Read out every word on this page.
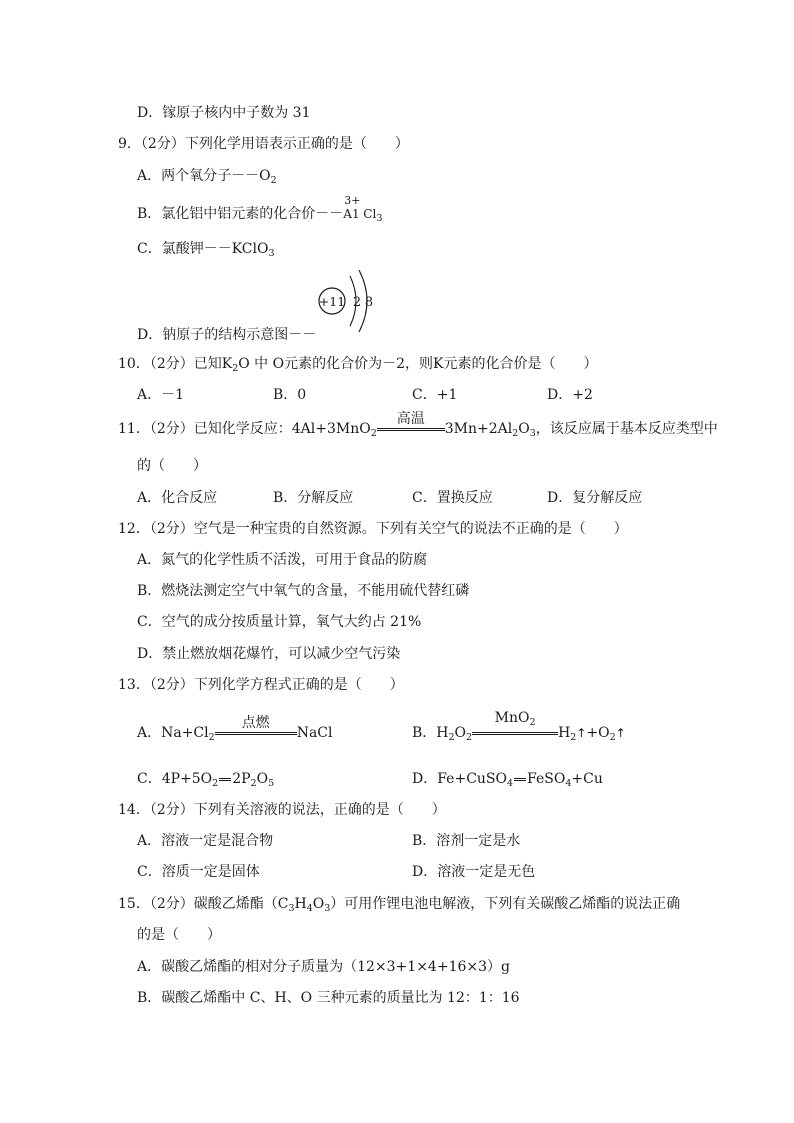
D．镓原子核内中子数为 31
9．（2分）下列化学用语表示正确的是（　　）
A．两个氧分子$--O_2$
B．氯化铝中铝元素的化合价－－
3+
A1 $Cl_3$
C．氯酸钾－－KClO$_3$
D．钠原子的结构示意图－－
+11 2 8
10．（2分）已知$K_2O$ 中 O元素的化合价为－2，则K元素的化合价是（　　）
A．－1	B．0	C．+1	D．+2
11．（2分）已知化学反应：4Al+3MnO$_2$
高温
$3Mn+2Al_2O_3$，该反应属于基本反应类型中
的（　　）
A．化合反应	B．分解反应	C．置换反应	D．复分解反应
12．（2分）空气是一种宝贵的自然资源。下列有关空气的说法不正确的是（　　）
A．氮气的化学性质不活泼，可用于食品的防腐
B．燃烧法测定空气中氧气的含量，不能用硫代替红磷
C．空气的成分按质量计算，氧气大约占 21%
D．禁止燃放烟花爆竹，可以减少空气污染
13．（2分）下列化学方程式正确的是（　　）
A．$Na+Cl_2$
点燃
NaCl	B．$H_2O_2$
MnO$_2$
$H_2↑+O_2↑$
C．$4P+5O_2$ $2P_2O_5$	D．Fe+CuSO$_4$ FeSO$_4$+Cu
14．（2分）下列有关溶液的说法，正确的是（　　）
A．溶液一定是混合物	B．溶剂一定是水
C．溶质一定是固体	D．溶液一定是无色
15．（2分）碳酸乙烯酯$(C_3H_4O_3)$可用作锂电池电解液，下列有关碳酸乙烯酯的说法正确
的是（　　）
A．碳酸乙烯酯的相对分子质量为（12×3+1×4+16×3）g
B．碳酸乙烯酯中 C、H、O 三种元素的质量比为 12：1：16
